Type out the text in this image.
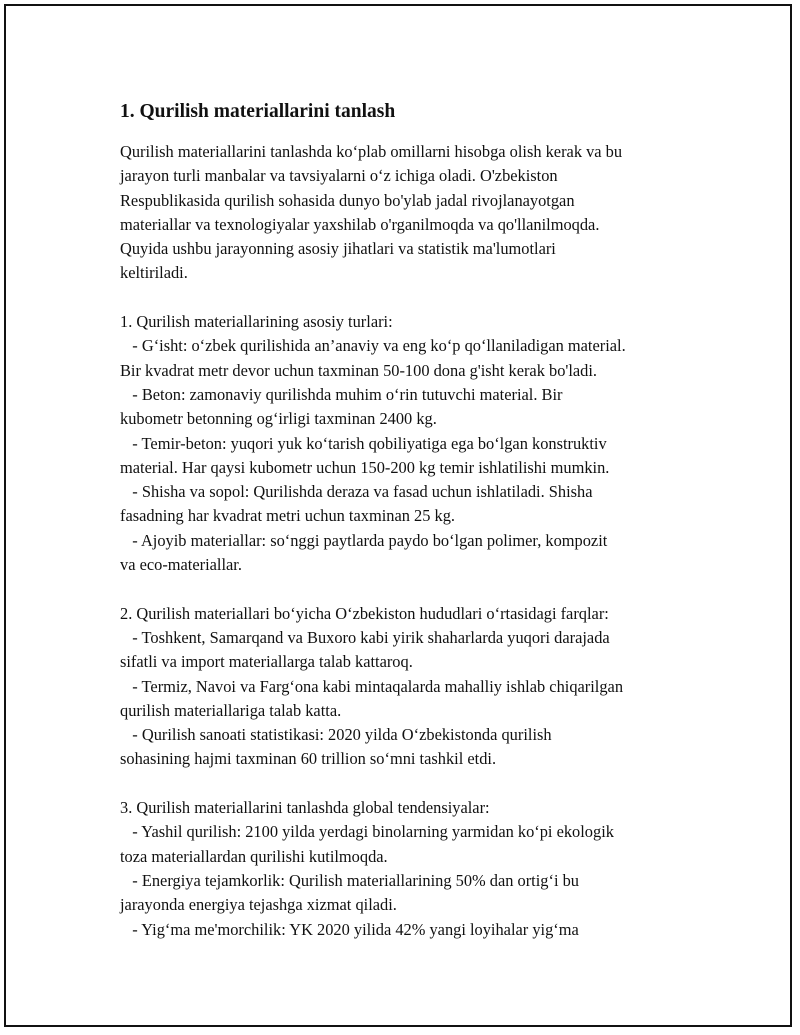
1. Qurilish materiallarini tanlash

Qurilish materiallarini tanlashda ko‘plab omillarni hisobga olish kerak va bu
jarayon turli manbalar va tavsiyalarni o‘z ichiga oladi. O'zbekiston
Respublikasida qurilish sohasida dunyo bo'ylab jadal rivojlanayotgan
materiallar va texnologiyalar yaxshilab o'rganilmoqda va qo'llanilmoqda.
Quyida ushbu jarayonning asosiy jihatlari va statistik ma'lumotlari
keltiriladi.

1. Qurilish materiallarining asosiy turlari:
- G‘isht: o‘zbek qurilishida an’anaviy va eng ko‘p qo‘llaniladigan material.
Bir kvadrat metr devor uchun taxminan 50-100 dona g'isht kerak bo'ladi.
- Beton: zamonaviy qurilishda muhim o‘rin tutuvchi material. Bir
kubometr betonning og‘irligi taxminan 2400 kg.
- Temir-beton: yuqori yuk ko‘tarish qobiliyatiga ega bo‘lgan konstruktiv
material. Har qaysi kubometr uchun 150-200 kg temir ishlatilishi mumkin.
- Shisha va sopol: Qurilishda deraza va fasad uchun ishlatiladi. Shisha
fasadning har kvadrat metri uchun taxminan 25 kg.
- Ajoyib materiallar: so‘nggi paytlarda paydo bo‘lgan polimer, kompozit
va eco-materiallar.

2. Qurilish materiallari bo‘yicha O‘zbekiston hududlari o‘rtasidagi farqlar:
- Toshkent, Samarqand va Buxoro kabi yirik shaharlarda yuqori darajada
sifatli va import materiallarga talab kattaroq.
- Termiz, Navoi va Farg‘ona kabi mintaqalarda mahalliy ishlab chiqarilgan
qurilish materiallariga talab katta.
- Qurilish sanoati statistikasi: 2020 yilda O‘zbekistonda qurilish
sohasining hajmi taxminan 60 trillion so‘mni tashkil etdi.

3. Qurilish materiallarini tanlashda global tendensiyalar:
- Yashil qurilish: 2100 yilda yerdagi binolarning yarmidan ko‘pi ekologik
toza materiallardan qurilishi kutilmoqda.
- Energiya tejamkorlik: Qurilish materiallarining 50% dan ortig‘i bu
jarayonda energiya tejashga xizmat qiladi.
- Yig‘ma me'morchilik: YK 2020 yilida 42% yangi loyihalar yig‘ma
